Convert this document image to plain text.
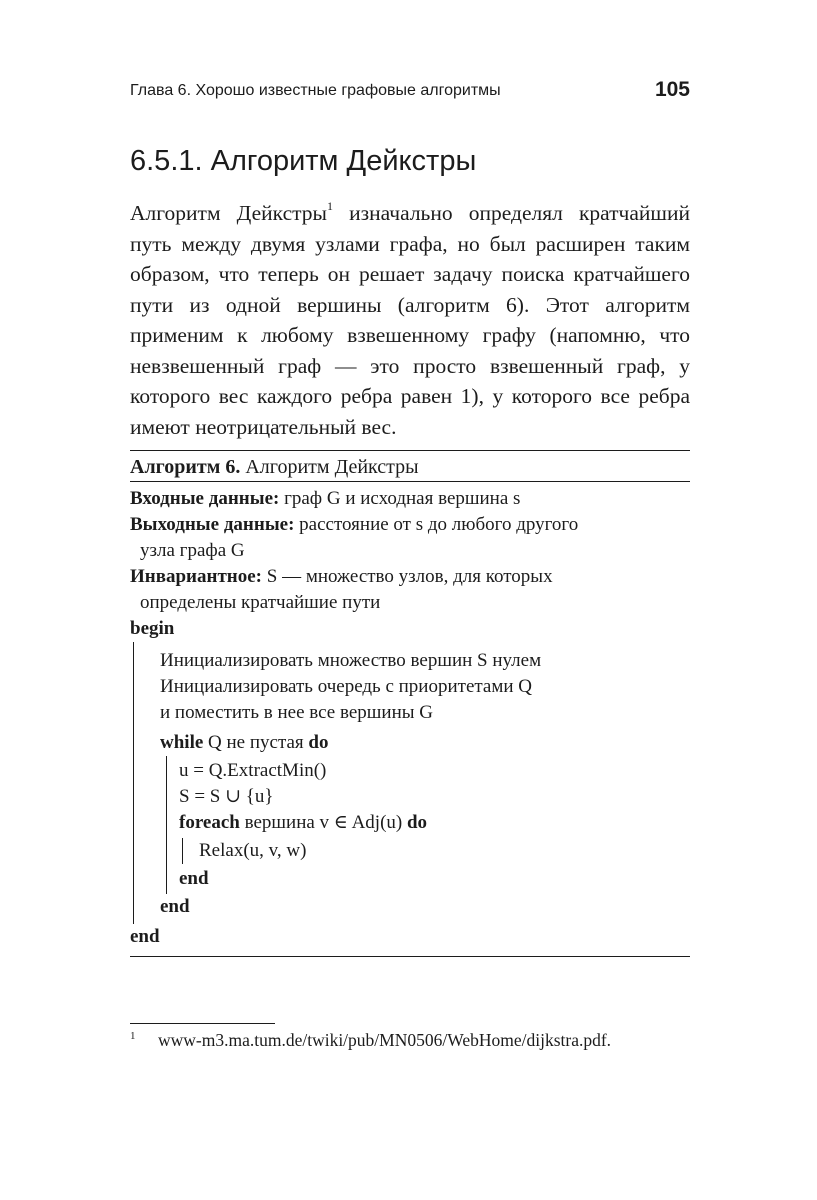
Глава 6. Хорошо известные графовые алгоритмы	105
6.5.1. Алгоритм Дейкстры

Алгоритм Дейкстры$^1$ изначально определял кратчайший путь между двумя узлами графа, но был расширен таким образом, что теперь он решает задачу поиска кратчайшего пути из одной вершины (алгоритм 6). Этот алгоритм применим к любому взвешенному графу (напомню, что невзвешенный граф — это просто взвешенный граф, у которого вес каждого ребра равен 1), у которого все ребра имеют неотрицательный вес.

Алгоритм 6. Алгоритм Дейкстры
Входные данные: граф G и исходная вершина s
Выходные данные: расстояние от s до любого другого
узла графа G
Инвариантное: S — множество узлов, для которых
определены кратчайшие пути
begin
Инициализировать множество вершин S нулем
Инициализировать очередь с приоритетами Q
и поместить в нее все вершины G
while Q не пустая do
u = Q.ExtractMin()
S = S ∪ {u}
foreach вершина v ∈ Adj(u) do
Relax(u, v, w)
end
end
end
1 www-m3.ma.tum.de/twiki/pub/MN0506/WebHome/dijkstra.pdf.
